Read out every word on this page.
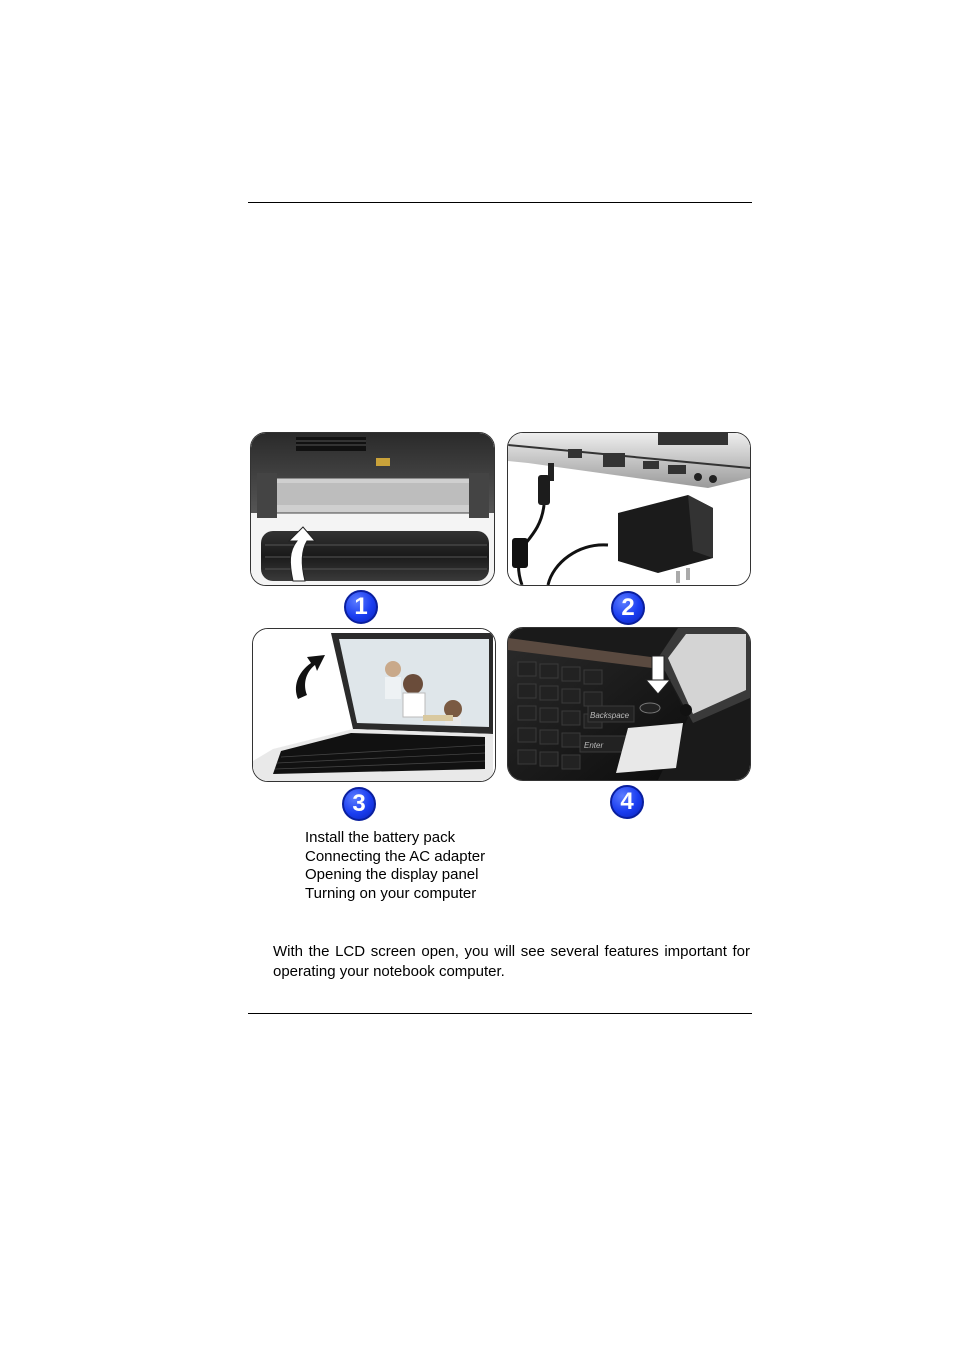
Backspace
Enter
1	2
3	4
Install the battery pack
Connecting the AC adapter
Opening the display panel
Turning on your computer

With the LCD screen open, you will see several features important for operating your notebook computer.
